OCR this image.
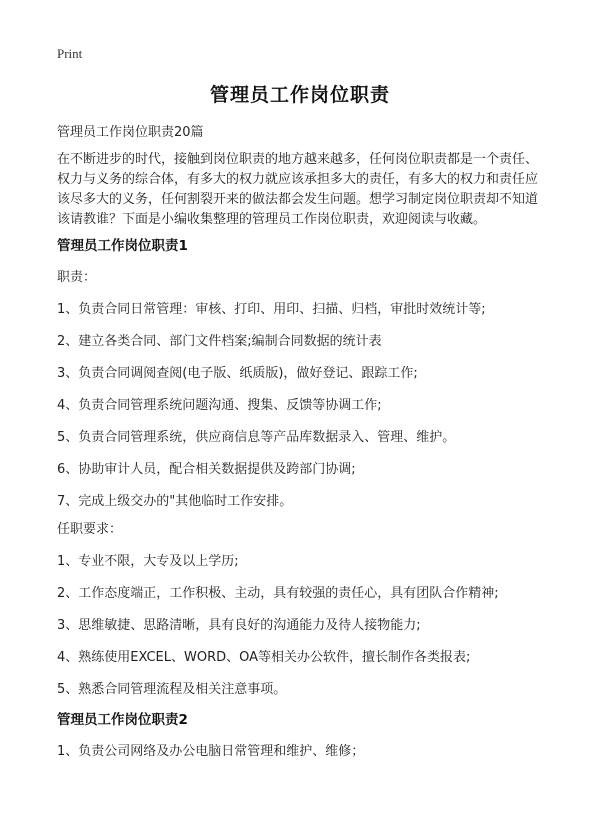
Print
管理员工作岗位职责
管理员工作岗位职责20篇
在不断进步的时代，接触到岗位职责的地方越来越多，任何岗位职责都是一个责任、权力与义务的综合体，有多大的权力就应该承担多大的责任，有多大的权力和责任应该尽多大的义务，任何割裂开来的做法都会发生问题。想学习制定岗位职责却不知道该请教谁？下面是小编收集整理的管理员工作岗位职责，欢迎阅读与收藏。
管理员工作岗位职责1
职责：
1、负责合同日常管理：审核、打印、用印、扫描、归档，审批时效统计等;
2、建立各类合同、部门文件档案;编制合同数据的统计表
3、负责合同调阅查阅(电子版、纸质版)，做好登记、跟踪工作;
4、负责合同管理系统问题沟通、搜集、反馈等协调工作;
5、负责合同管理系统，供应商信息等产品库数据录入、管理、维护。
6、协助审计人员，配合相关数据提供及跨部门协调;
7、完成上级交办的"其他临时工作安排。
任职要求：
1、专业不限，大专及以上学历;
2、工作态度端正，工作积极、主动，具有较强的责任心，具有团队合作精神;
3、思维敏捷、思路清晰，具有良好的沟通能力及待人接物能力;
4、熟练使用EXCEL、WORD、OA等相关办公软件，擅长制作各类报表;
5、熟悉合同管理流程及相关注意事项。
管理员工作岗位职责2
1、负责公司网络及办公电脑日常管理和维护、维修；
